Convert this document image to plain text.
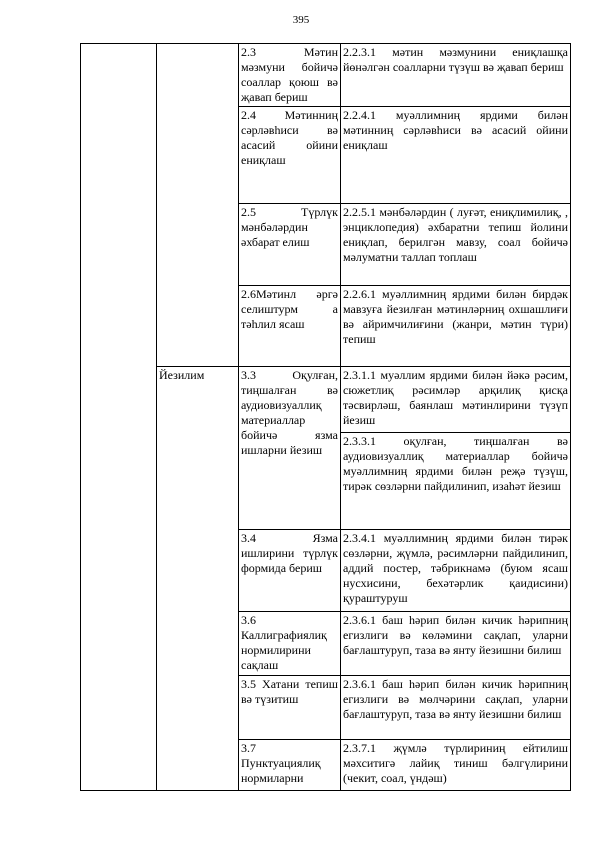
395
		2.3 Мәтин мәзмуни бойичә соаллар қоюш вә җавап бериш	2.2.3.1 мәтин мәзмунини ениқлашқа йөнәлгән соалларни түзүш вә җавап бериш
		2.4 Мәтинниң сәрләвһиси вә асасий ойини ениқлаш	2.2.4.1 муәллимниң ярдими билән мәтинниң сәрләвһиси вә асасий ойини ениқлаш
		2.5 Түрлүк мәнбәләрдин әхбарат елиш	2.2.5.1 мәнбәләрдин ( луғәт, ениқлимилиқ, , энциклопедия) әхбаратни тепиш йолини ениқлап, берилгән мавзу, соал бойичә мәлуматни таллап топлаш
		2.6Мәтинл әргә селиштурм а тәһлил ясаш	2.2.6.1 муәллимниң ярдими билән бирдәк мавзуға йезилған мәтинләрниң охшашлиғи вә айримчилиғини (жанри, мәтин түри) тепиш
	Йезилим	3.3 Оқулған, тиңшалған вә аудиовизуаллиқ материаллар бойичә язма ишларни йезиш	2.3.1.1 муәллим ярдими билән йәкә рәсим, сюжетлиқ рәсимләр арқилиқ қисқа тәсвирләш, баянлаш мәтинлирини түзүп йезиш
			2.3.3.1 оқулған, тиңшалған вә аудиовизуаллиқ материаллар бойичә муәллимниң ярдими билән реҗә түзүш, тирәк сөзләрни пайдилинип, изаһәт йезиш
		3.4 Язма ишлирини түрлүк формида бериш	2.3.4.1 муәллимниң ярдими билән тирәк сөзләрни, җүмлә, рәсимләрни пайдилинип, аддий постер, тәбрикнамә (буюм ясаш нусхисини, бехәтәрлик қаидисини) қураштуруш
		3.6 Каллиграфиялиқ нормилирини сақлаш	2.3.6.1 баш һәрип билән кичик һәрипниң егизлиги вә көләмини сақлап, уларни бағлаштуруп, таза вә янту йезишни билиш
		3.5 Хатани тепиш вә түзитиш	2.3.6.1 баш һәрип билән кичик һәрипниң егизлиги вә мөлчәрини сақлап, уларни бағлаштуруп, таза вә янту йезишни билиш
		3.7 Пунктуациялиқ нормиларни	2.3.7.1 җүмлә түрлириниң ейтилиш мәхситигә лайиқ тиниш бәлгүлирини (чекит, соал, үндәш)
